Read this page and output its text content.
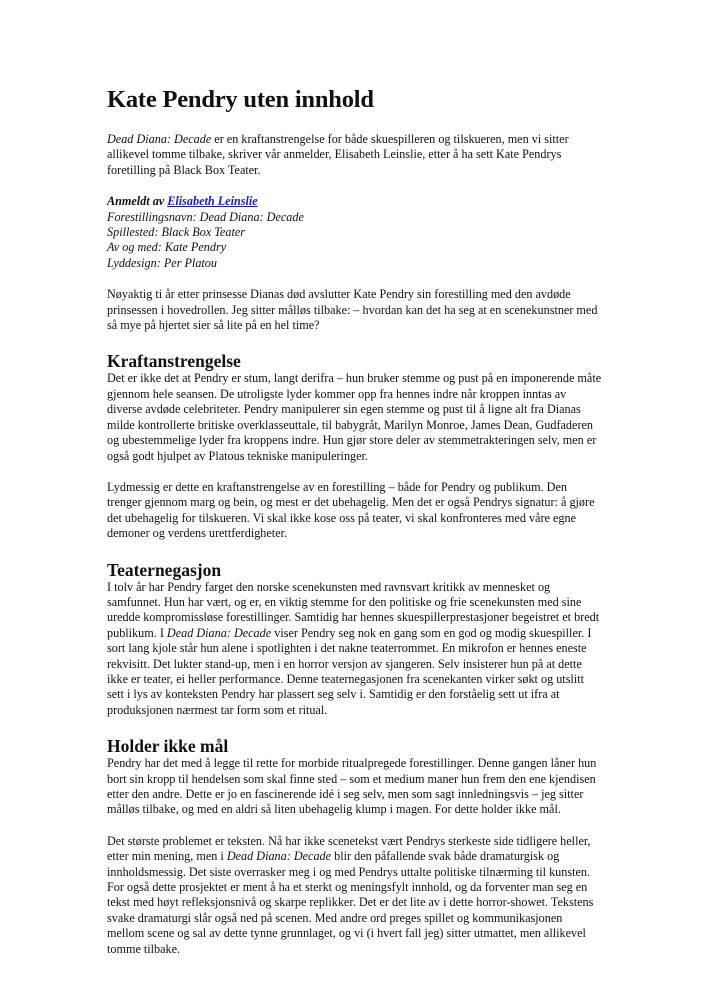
Kate Pendry uten innhold

Dead Diana: Decade er en kraftanstrengelse for både skuespilleren og tilskueren, men vi sitter allikevel tomme tilbake, skriver vår anmelder, Elisabeth Leinslie, etter å ha sett Kate Pendrys foretilling på Black Box Teater.

Anmeldt av Elisabeth Leinslie
Forestillingsnavn: Dead Diana: Decade
Spillested: Black Box Teater
Av og med: Kate Pendry
Lyddesign: Per Platou

Nøyaktig ti år etter prinsesse Dianas død avslutter Kate Pendry sin forestilling med den avdøde prinsessen i hovedrollen. Jeg sitter målløs tilbake: – hvordan kan det ha seg at en scenekunstner med så mye på hjertet sier så lite på en hel time?

Kraftanstrengelse

Det er ikke det at Pendry er stum, langt derifra – hun bruker stemme og pust på en imponerende måte gjennom hele seansen. De utroligste lyder kommer opp fra hennes indre når kroppen inntas av diverse avdøde celebriteter. Pendry manipulerer sin egen stemme og pust til å ligne alt fra Dianas milde kontrollerte britiske overklasseuttale, til babygråt, Marilyn Monroe, James Dean, Gudfaderen og ubestemmelige lyder fra kroppens indre. Hun gjør store deler av stemmetrakteringen selv, men er også godt hjulpet av Platous tekniske manipuleringer.

Lydmessig er dette en kraftanstrengelse av en forestilling – både for Pendry og publikum. Den trenger gjennom marg og bein, og mest er det ubehagelig. Men det er også Pendrys signatur: å gjøre det ubehagelig for tilskueren. Vi skal ikke kose oss på teater, vi skal konfronteres med våre egne demoner og verdens urettferdigheter.

Teaternegasjon

I tolv år har Pendry farget den norske scenekunsten med ravnsvart kritikk av mennesket og samfunnet. Hun har vært, og er, en viktig stemme for den politiske og frie scenekunsten med sine uredde kompromissløse forestillinger. Samtidig har hennes skuespillerprestasjoner begeistret et bredt publikum. I Dead Diana: Decade viser Pendry seg nok en gang som en god og modig skuespiller. I sort lang kjole står hun alene i spotlighten i det nakne teaterrommet. En mikrofon er hennes eneste rekvisitt. Det lukter stand-up, men i en horror versjon av sjangeren. Selv insisterer hun på at dette ikke er teater, ei heller performance. Denne teaternegasjonen fra scenekanten virker søkt og utslitt sett i lys av konteksten Pendry har plassert seg selv i. Samtidig er den forståelig sett ut ifra at produksjonen nærmest tar form som et ritual.

Holder ikke mål

Pendry har det med å legge til rette for morbide ritualpregede forestillinger. Denne gangen låner hun bort sin kropp til hendelsen som skal finne sted – som et medium maner hun frem den ene kjendisen etter den andre. Dette er jo en fascinerende idé i seg selv, men som sagt innledningsvis – jeg sitter målløs tilbake, og med en aldri så liten ubehagelig klump i magen. For dette holder ikke mål.

Det største problemet er teksten. Nå har ikke scenetekst vært Pendrys sterkeste side tidligere heller, etter min mening, men i Dead Diana: Decade blir den påfallende svak både dramaturgisk og innholdsmessig. Det siste overrasker meg i og med Pendrys uttalte politiske tilnærming til kunsten. For også dette prosjektet er ment å ha et sterkt og meningsfylt innhold, og da forventer man seg en tekst med høyt refleksjonsnivå og skarpe replikker. Det er det lite av i dette horror-showet. Tekstens svake dramaturgi slår også ned på scenen. Med andre ord preges spillet og kommunikasjonen mellom scene og sal av dette tynne grunnlaget, og vi (i hvert fall jeg) sitter utmattet, men allikevel tomme tilbake.
